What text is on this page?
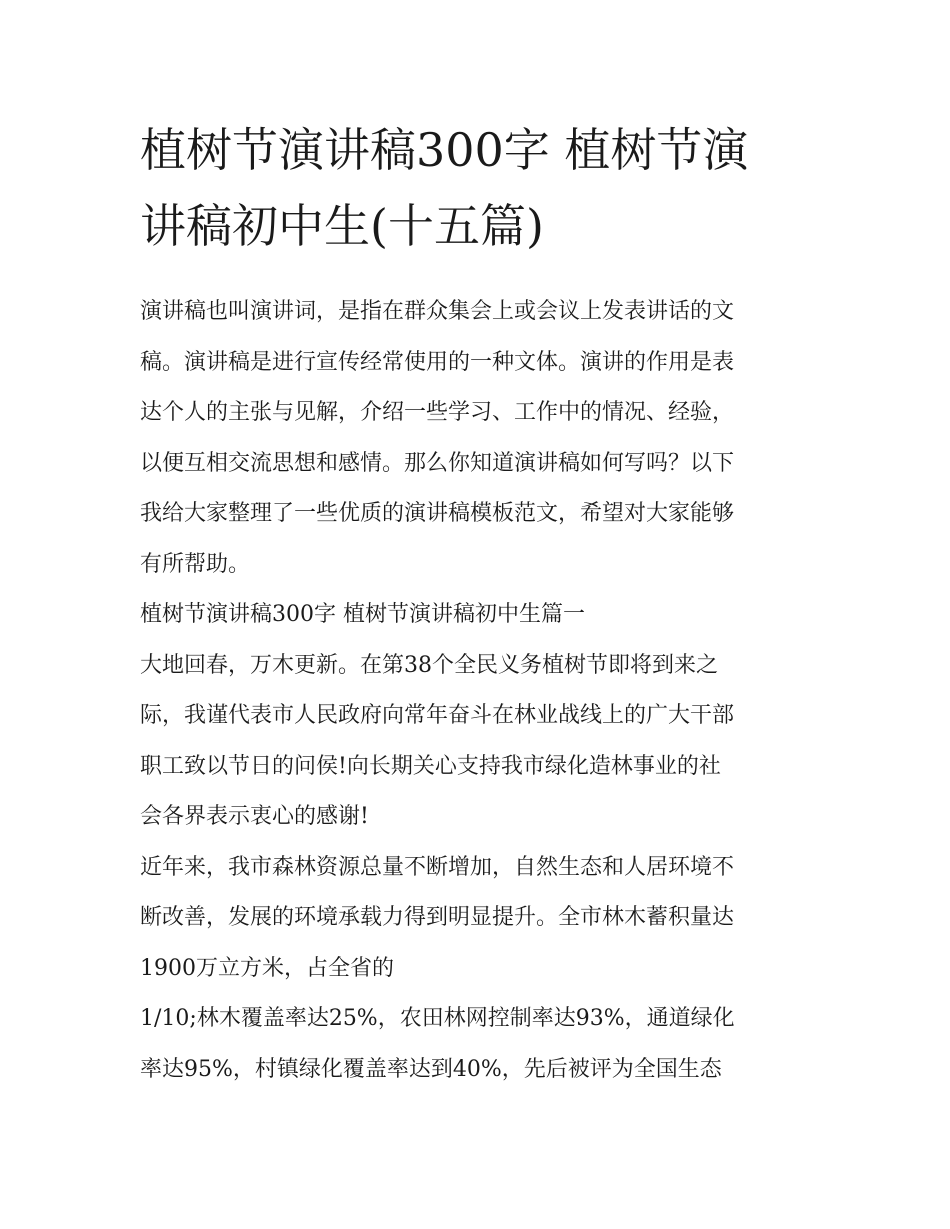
植树节演讲稿300字 植树节演
讲稿初中生(十五篇)
演讲稿也叫演讲词，是指在群众集会上或会议上发表讲话的文
稿。演讲稿是进行宣传经常使用的一种文体。演讲的作用是表
达个人的主张与见解，介绍一些学习、工作中的情况、经验，
以便互相交流思想和感情。那么你知道演讲稿如何写吗？以下
我给大家整理了一些优质的演讲稿模板范文，希望对大家能够
有所帮助。
植树节演讲稿300字 植树节演讲稿初中生篇一
大地回春，万木更新。在第38个全民义务植树节即将到来之
际，我谨代表市人民政府向常年奋斗在林业战线上的广大干部
职工致以节日的问侯!向长期关心支持我市绿化造林事业的社
会各界表示衷心的感谢!
近年来，我市森林资源总量不断增加，自然生态和人居环境不
断改善，发展的环境承载力得到明显提升。全市林木蓄积量达
1900万立方米，占全省的
1/10;林木覆盖率达25%，农田林网控制率达93%，通道绿化
率达95%，村镇绿化覆盖率达到40%，先后被评为全国生态
